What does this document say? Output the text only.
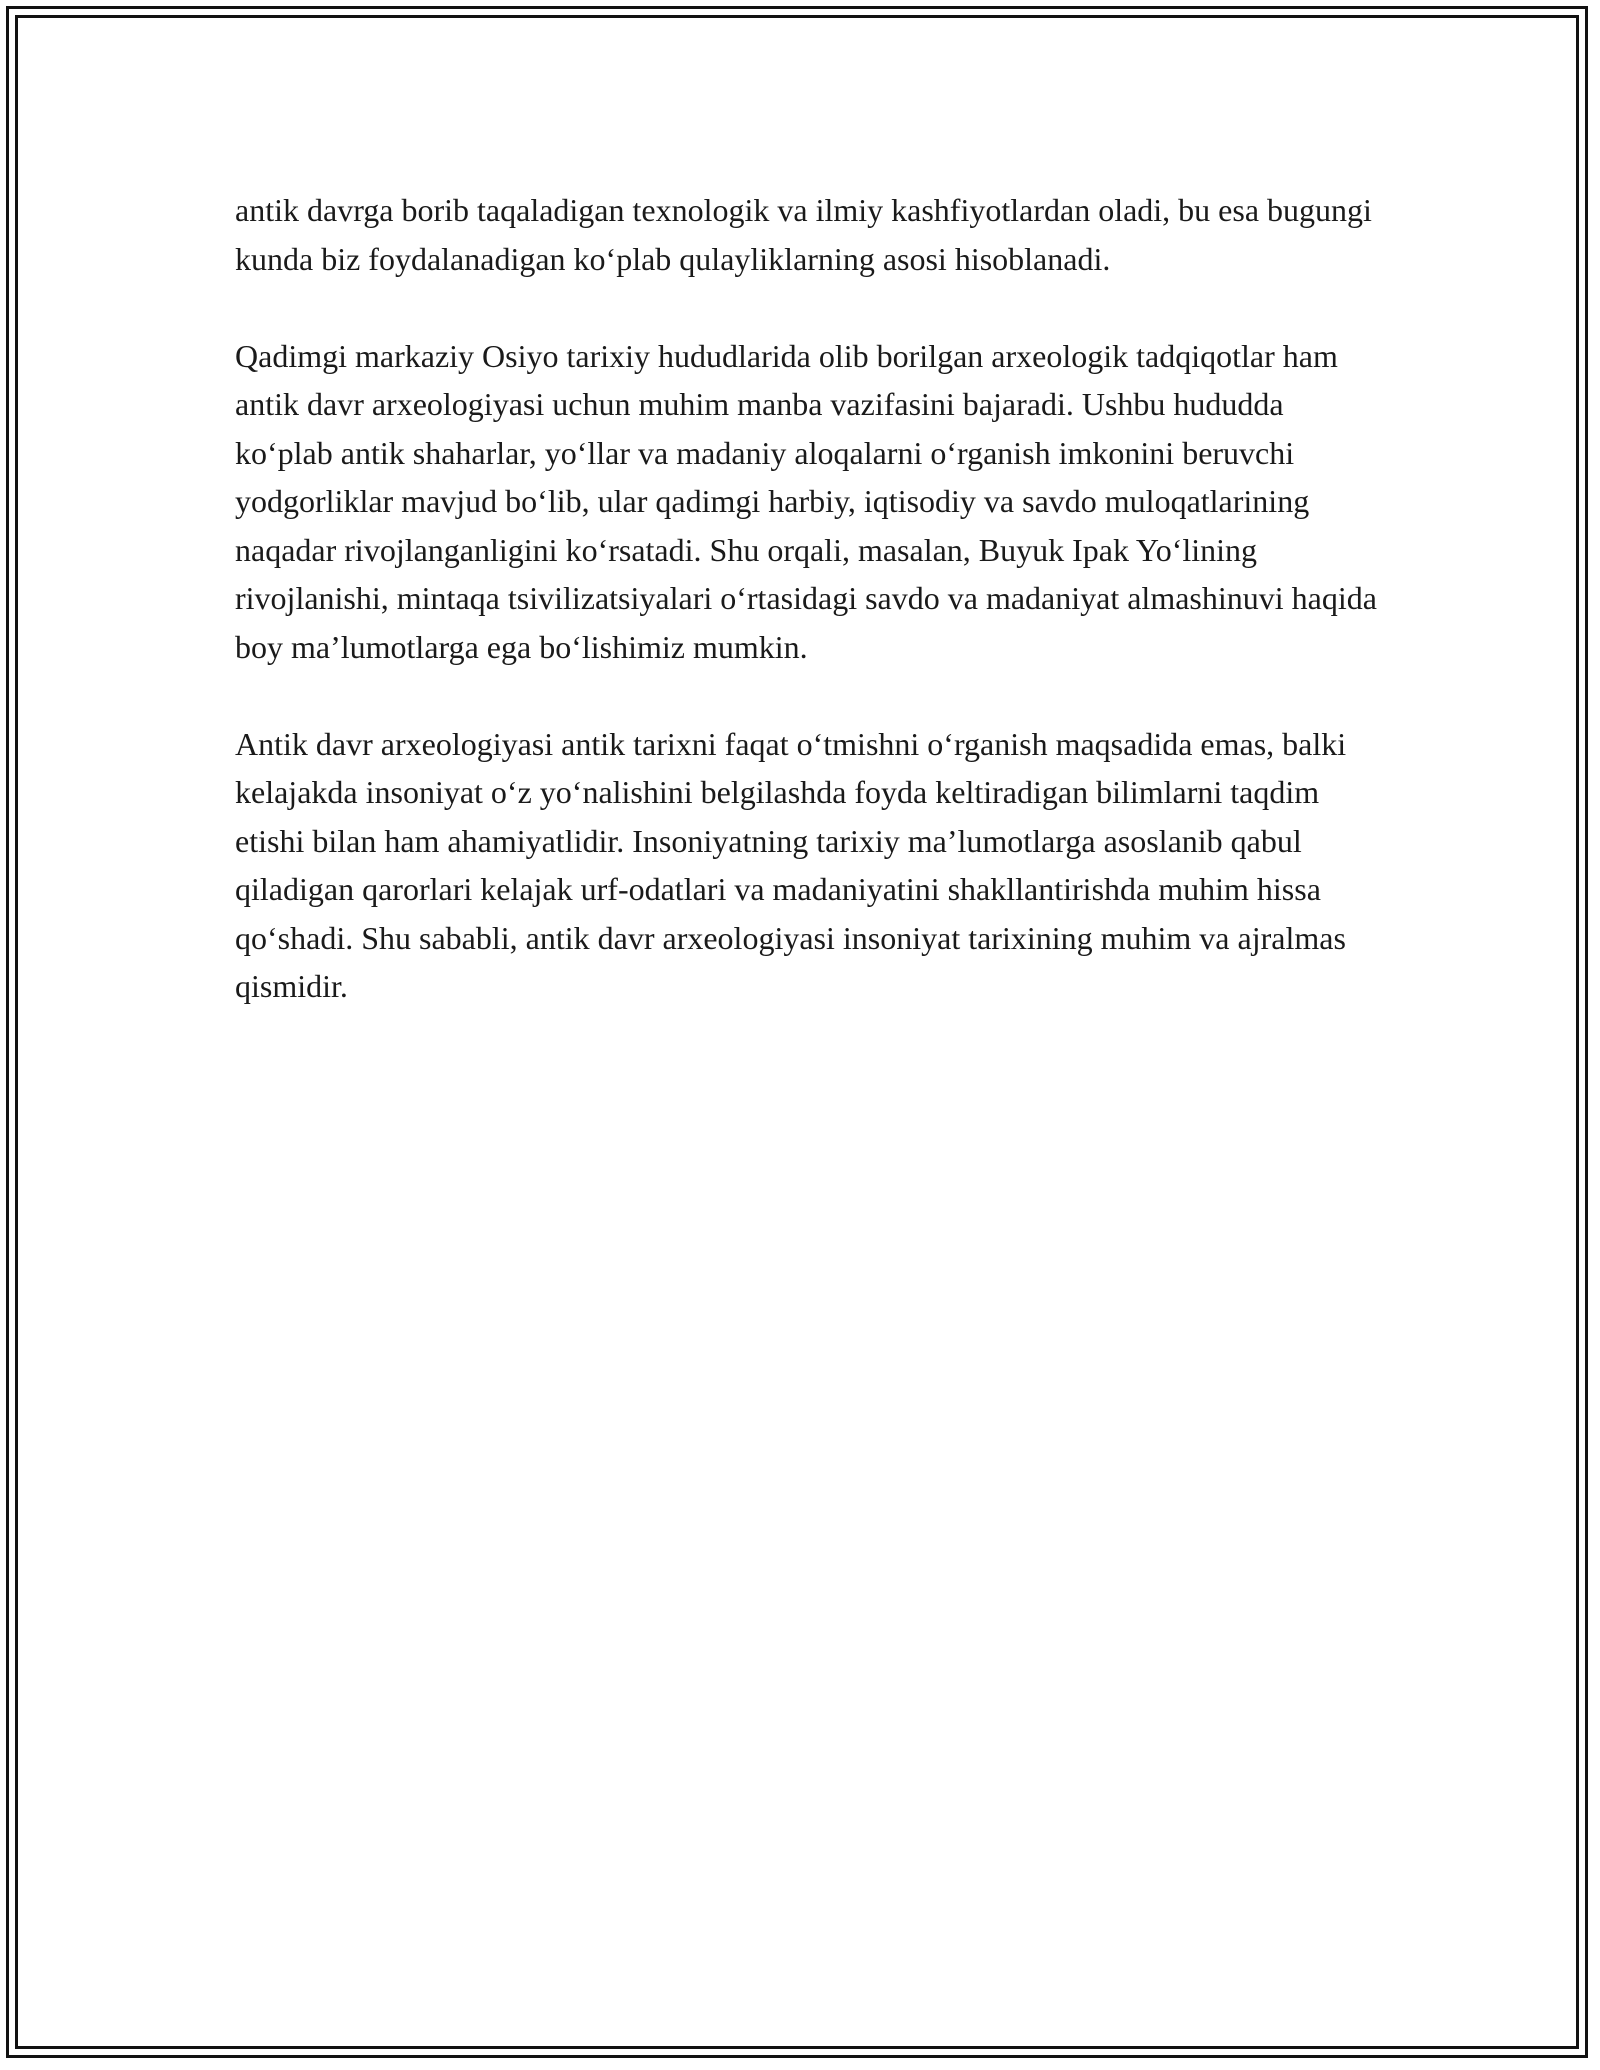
antik davrga borib taqaladigan texnologik va ilmiy kashfiyotlardan oladi, bu esa bugungi kunda biz foydalanadigan ko‘plab qulayliklarning asosi hisoblanadi.

Qadimgi markaziy Osiyo tarixiy hududlarida olib borilgan arxeologik tadqiqotlar ham antik davr arxeologiyasi uchun muhim manba vazifasini bajaradi. Ushbu hududda ko‘plab antik shaharlar, yo‘llar va madaniy aloqalarni o‘rganish imkonini beruvchi yodgorliklar mavjud bo‘lib, ular qadimgi harbiy, iqtisodiy va savdo muloqatlarining naqadar rivojlanganligini ko‘rsatadi. Shu orqali, masalan, Buyuk Ipak Yo‘lining rivojlanishi, mintaqa tsivilizatsiyalari o‘rtasidagi savdo va madaniyat almashinuvi haqida boy ma’lumotlarga ega bo‘lishimiz mumkin.

Antik davr arxeologiyasi antik tarixni faqat o‘tmishni o‘rganish maqsadida emas, balki kelajakda insoniyat o‘z yo‘nalishini belgilashda foyda keltiradigan bilimlarni taqdim etishi bilan ham ahamiyatlidir. Insoniyatning tarixiy ma’lumotlarga asoslanib qabul qiladigan qarorlari kelajak urf-odatlari va madaniyatini shakllantirishda muhim hissa qo‘shadi. Shu sababli, antik davr arxeologiyasi insoniyat tarixining muhim va ajralmas qismidir.
